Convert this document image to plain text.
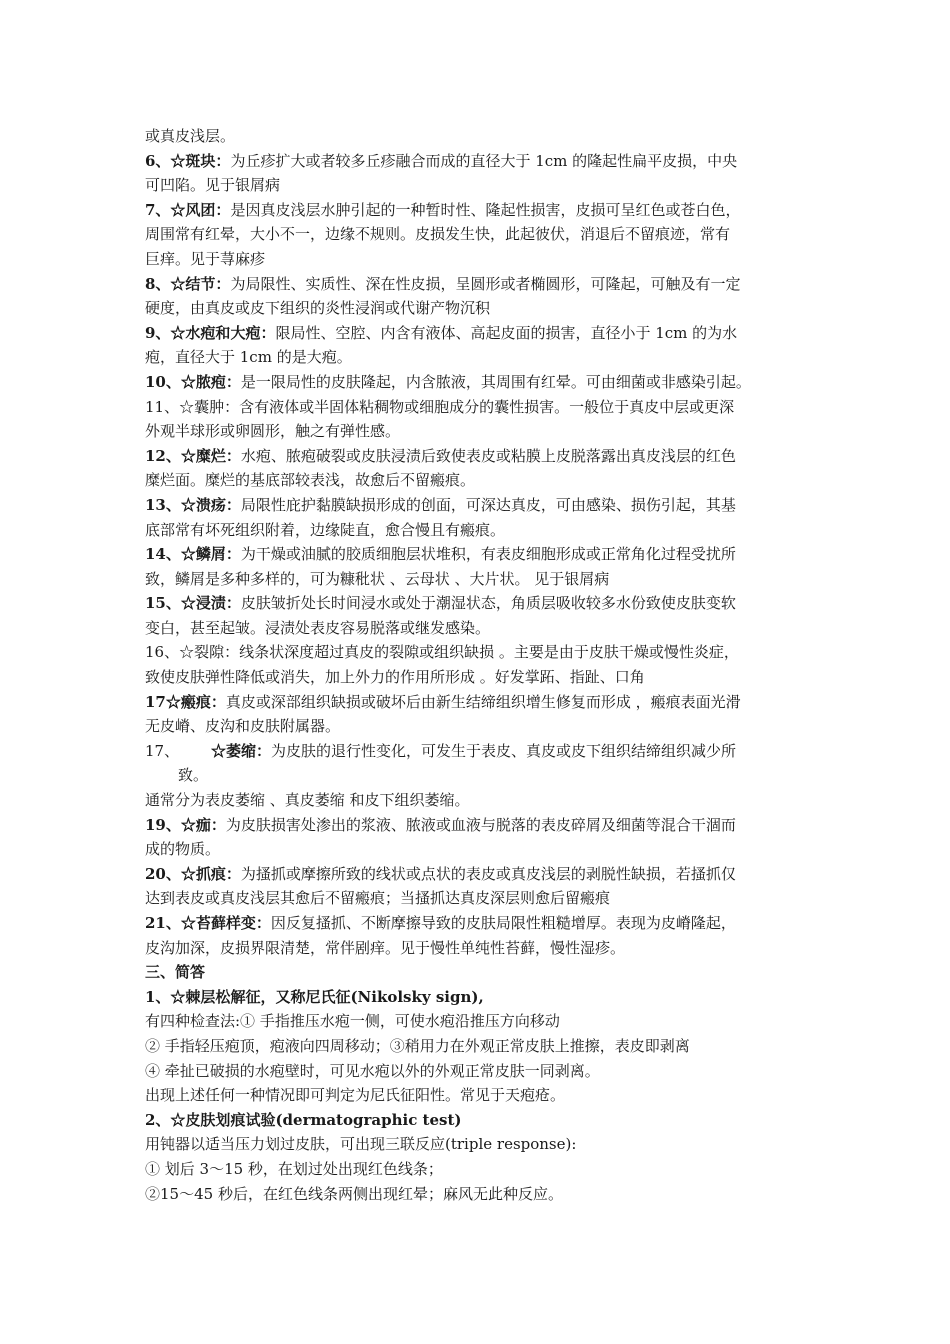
或真皮浅层。
6、☆斑块：为丘疹扩大或者较多丘疹融合而成的直径大于 1cm 的隆起性扁平皮损，中央
可凹陷。见于银屑病
7、☆风团：是因真皮浅层水肿引起的一种暂时性、隆起性损害，皮损可呈红色或苍白色，
周围常有红晕，大小不一，边缘不规则。皮损发生快，此起彼伏，消退后不留痕迹，常有
巨痒。见于荨麻疹
8、☆结节：为局限性、实质性、深在性皮损，呈圆形或者椭圆形，可隆起，可触及有一定
硬度，由真皮或皮下组织的炎性浸润或代谢产物沉积
9、☆水疱和大疱：限局性、空腔、内含有液体、高起皮面的损害，直径小于 1cm 的为水
疱，直径大于 1cm 的是大疱。
10、☆脓疱：是一限局性的皮肤隆起，内含脓液，其周围有红晕。可由细菌或非感染引起。
11、☆囊肿：含有液体或半固体粘稠物或细胞成分的囊性损害。一般位于真皮中层或更深
外观半球形或卵圆形，触之有弹性感。
12、☆糜烂：水疱、脓疱破裂或皮肤浸渍后致使表皮或粘膜上皮脱落露出真皮浅层的红色
糜烂面。糜烂的基底部较表浅，故愈后不留瘢痕。
13、☆溃疡：局限性庇护黏膜缺损形成的创面，可深达真皮，可由感染、损伤引起，其基
底部常有坏死组织附着，边缘陡直，愈合慢且有瘢痕。
14、☆鳞屑：为干燥或油腻的胶质细胞层状堆积，有表皮细胞形成或正常角化过程受扰所
致，鳞屑是多种多样的，可为糠秕状 、云母状 、大片状。 见于银屑病
15、☆浸渍：皮肤皱折处长时间浸水或处于潮湿状态，角质层吸收较多水份致使皮肤变软
变白，甚至起皱。浸渍处表皮容易脱落或继发感染。
16、☆裂隙：线条状深度超过真皮的裂隙或组织缺损 。主要是由于皮肤干燥或慢性炎症，
致使皮肤弹性降低或消失，加上外力的作用所形成 。好发掌跖、指趾、口角
17☆瘢痕：真皮或深部组织缺损或破坏后由新生结缔组织增生修复而形成 ，瘢痕表面光滑
无皮嵴、皮沟和皮肤附属器。
17、 ☆萎缩：为皮肤的退行性变化，可发生于表皮、真皮或皮下组织结缔组织减少所
致。
通常分为表皮萎缩 、真皮萎缩 和皮下组织萎缩。
19、☆痂：为皮肤损害处渗出的浆液、脓液或血液与脱落的表皮碎屑及细菌等混合干涸而
成的物质。
20、☆抓痕：为搔抓或摩擦所致的线状或点状的表皮或真皮浅层的剥脱性缺损，若搔抓仅
达到表皮或真皮浅层其愈后不留瘢痕；当搔抓达真皮深层则愈后留瘢痕
21、☆苔藓样变：因反复搔抓、不断摩擦导致的皮肤局限性粗糙增厚。表现为皮嵴隆起，
皮沟加深，皮损界限清楚，常伴剧痒。见于慢性单纯性苔藓，慢性湿疹。
三、简答
1、☆棘层松解征，又称尼氏征(Nikolsky sign),
有四种检查法:① 手指推压水疱一侧，可使水疱沿推压方向移动
② 手指轻压疱顶，疱液向四周移动；③稍用力在外观正常皮肤上推擦，表皮即剥离
④ 牵扯已破损的水疱壁时，可见水疱以外的外观正常皮肤一同剥离。
出现上述任何一种情况即可判定为尼氏征阳性。常见于天疱疮。
2、☆皮肤划痕试验(dermatographic test)
用钝器以适当压力划过皮肤，可出现三联反应(triple response):
① 划后 3～15 秒，在划过处出现红色线条；
②15～45 秒后，在红色线条两侧出现红晕；麻风无此种反应。
